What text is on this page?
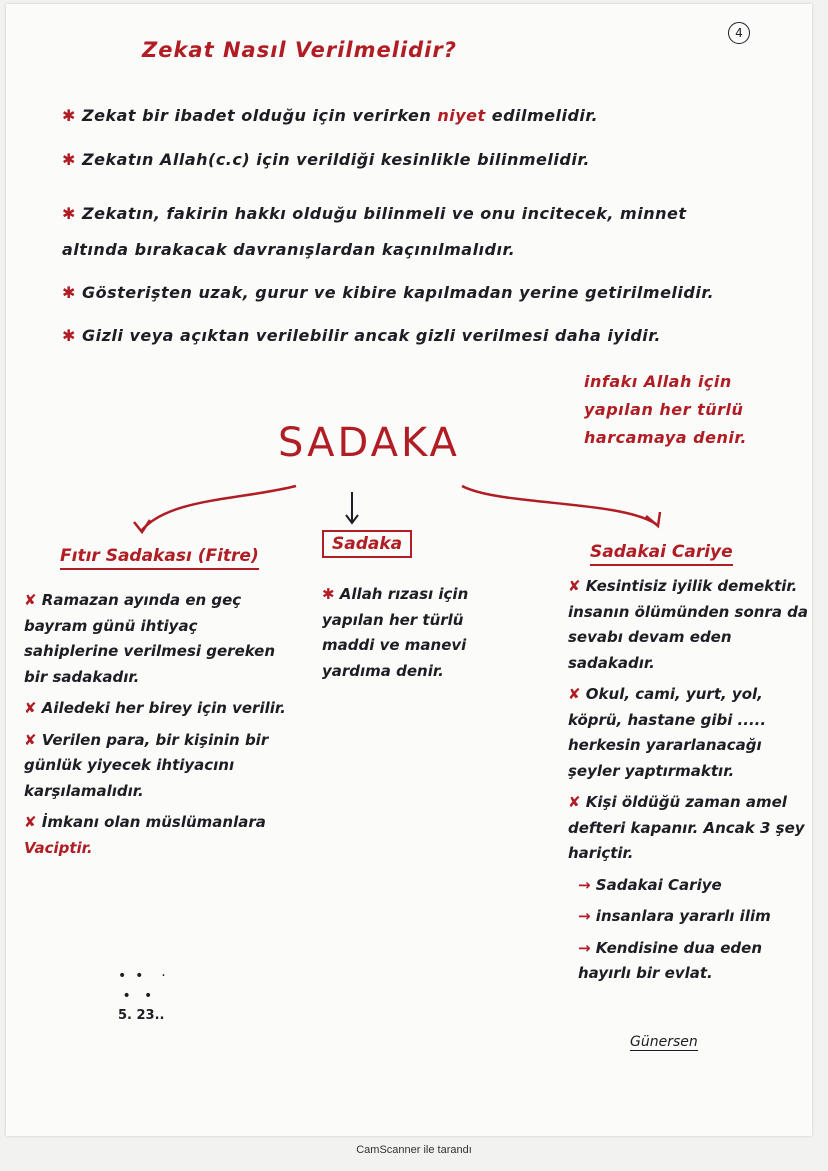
4
Zekat Nasıl Verilmelidir?
✱ Zekat bir ibadet olduğu için verirken niyet edilmelidir.
✱ Zekatın Allah(c.c) için verildiği kesinlikle bilinmelidir.
✱ Zekatın, fakirin hakkı olduğu bilinmeli ve onu incitecek, minnet
altında bırakacak davranışlardan kaçınılmalıdır.
✱ Gösterişten uzak, gurur ve kibire kapılmadan yerine getirilmelidir.
✱ Gizli veya açıktan verilebilir ancak gizli verilmesi daha iyidir.
infakı Allah için
yapılan her türlü
harcamaya denir.
SADAKA
Fıtır Sadakası (Fitre)
Sadaka	Sadakai Cariye
✘ Ramazan ayında en geç bayram günü ihtiyaç sahiplerine verilmesi gereken bir sadakadır.
✘ Ailedeki her birey için verilir.
✘ Verilen para, bir kişinin bir günlük yiyecek ihtiyacını karşılamalıdır.
✘ İmkanı olan müslümanlara Vaciptir.
✱ Allah rızası için yapılan her türlü maddi ve manevi yardıma denir.
✘ Kesintisiz iyilik demektir. insanın ölümünden sonra da sevabı devam eden sadakadır.
✘ Okul, cami, yurt, yol, köprü, hastane gibi ..... herkesin yararlanacağı şeyler yaptırmaktır.
✘ Kişi öldüğü zaman amel defteri kapanır. Ancak 3 şey hariçtir.
→ Sadakai Cariye
→ insanlara yararlı ilim
→ Kendisine dua eden hayırlı bir evlat.
Günersen
•  •    ·
•   •
5. 23..
CamScanner ile tarandı
